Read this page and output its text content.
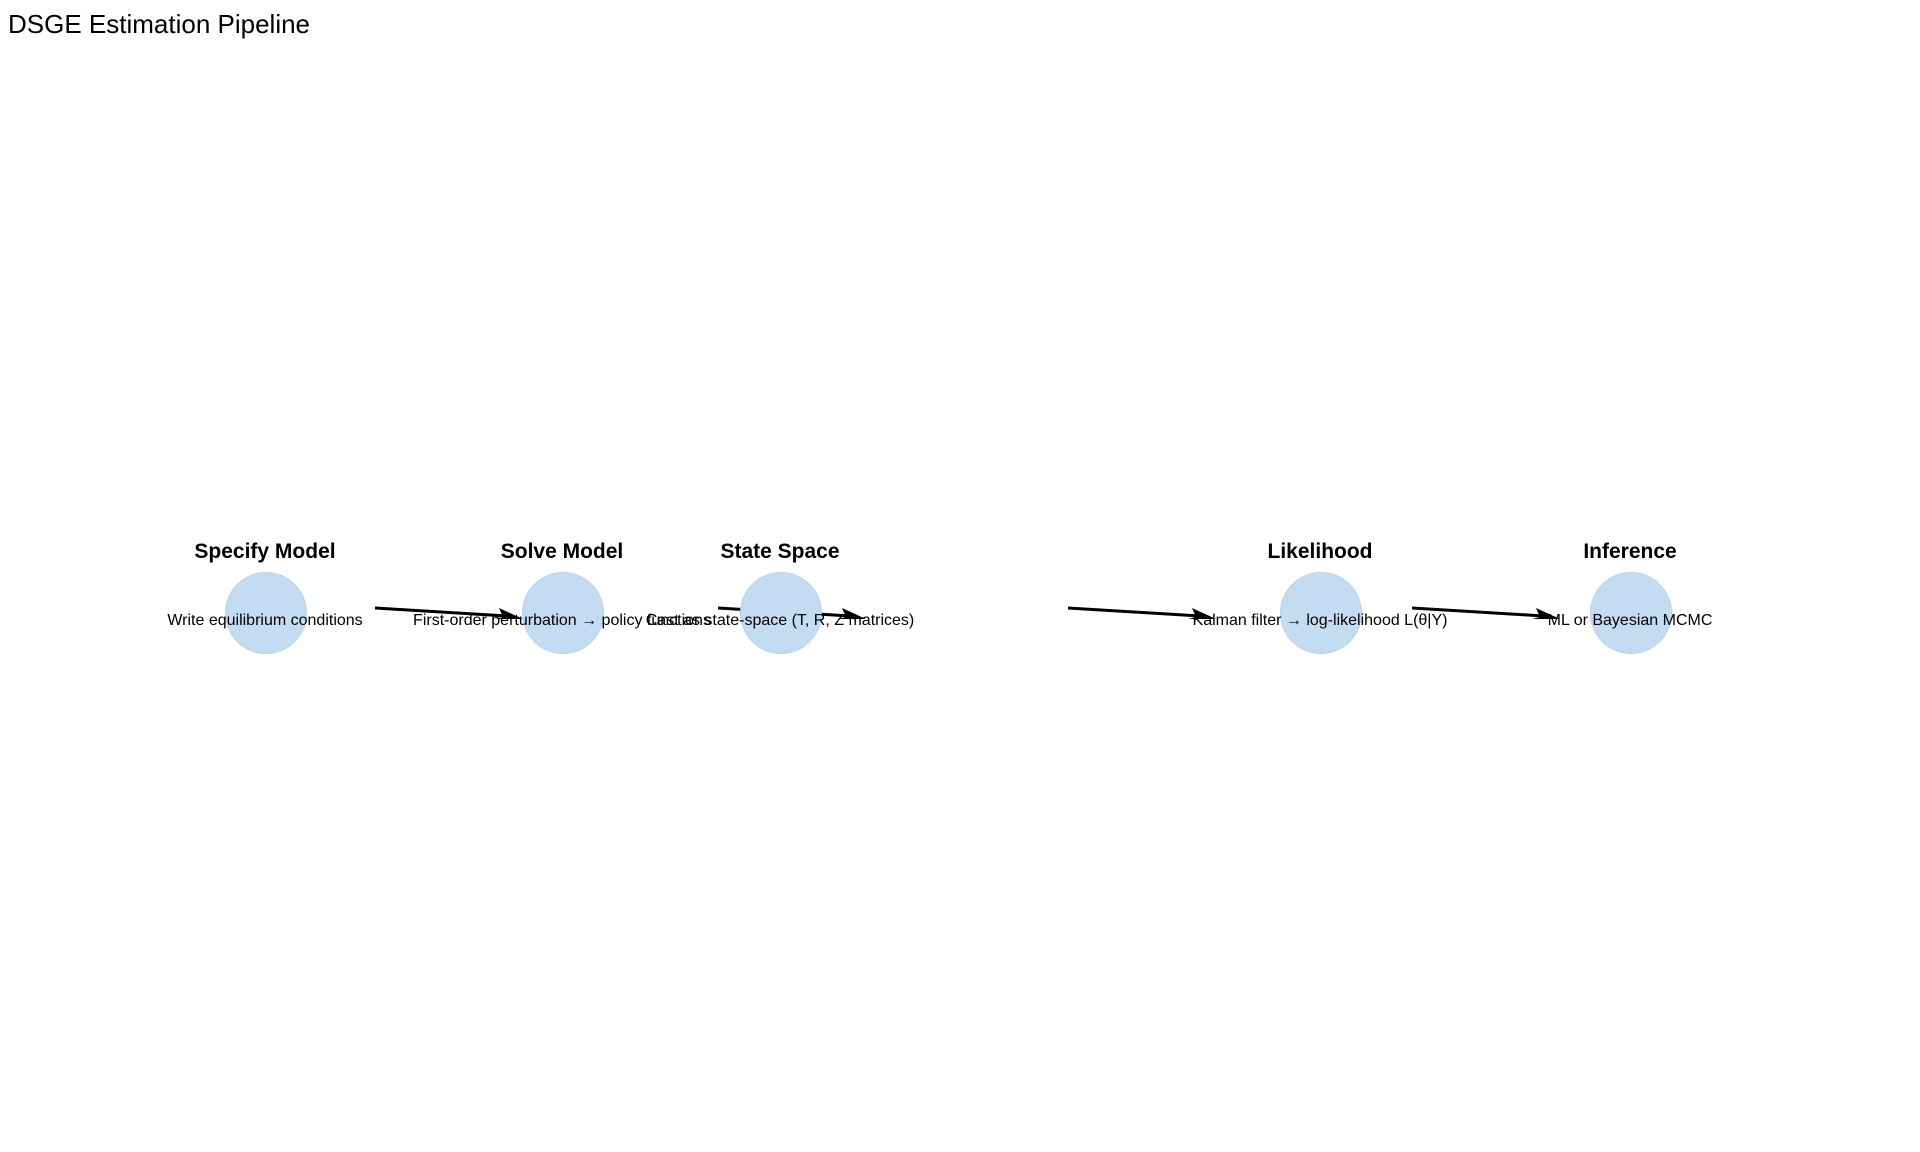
DSGE Estimation Pipeline
Specify Model
Write equilibrium conditions
Solve Model
First-order perturbation → policy functions
State Space
Cast as state-space (T, R, Z matrices)
Likelihood
Kalman filter → log-likelihood L(θ|Y)
Inference
ML or Bayesian MCMC
